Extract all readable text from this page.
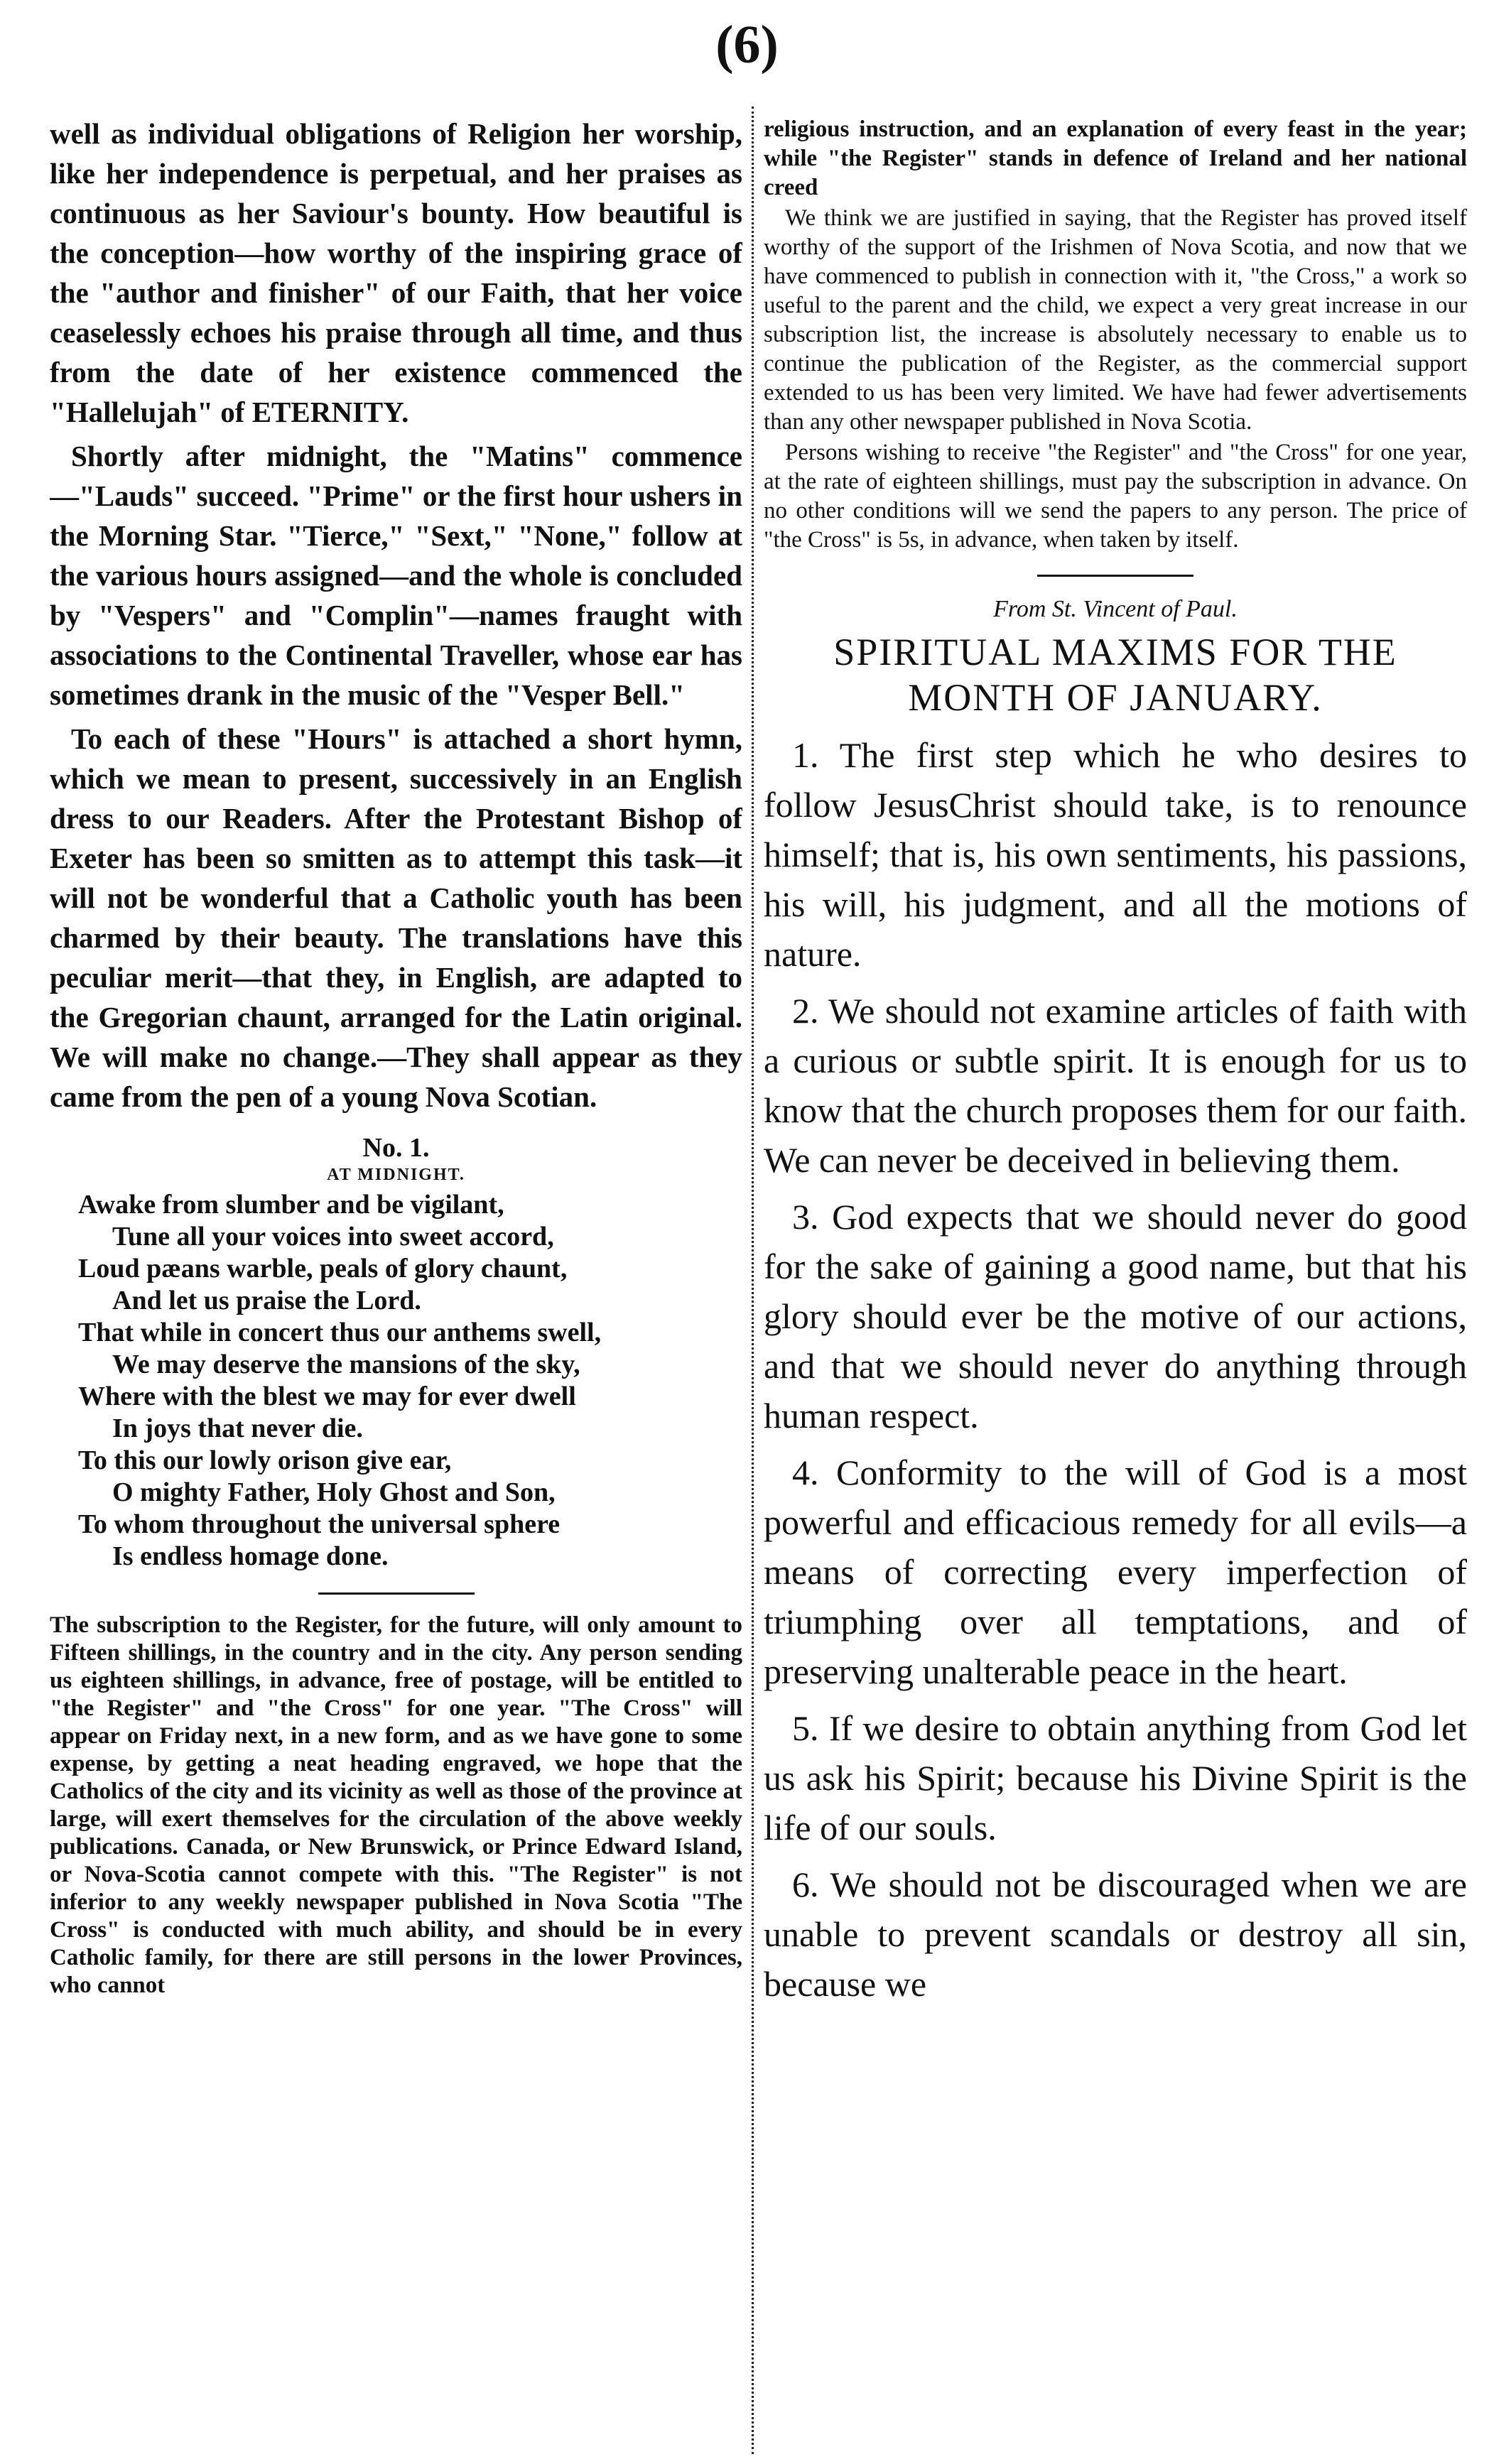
(6)

well as individual obligations of Religion her worship, like her independence is perpetual, and her praises as continuous as her Saviour's bounty. How beautiful is the conception—how worthy of the inspiring grace of the "author and finisher" of our Faith, that her voice ceaselessly echoes his praise through all time, and thus from the date of her existence commenced the "Hallelujah" of ETERNITY.

Shortly after midnight, the "Matins" commence—"Lauds" succeed. "Prime" or the first hour ushers in the Morning Star. "Tierce," "Sext," "None," follow at the various hours assigned—and the whole is concluded by "Vespers" and "Complin"—names fraught with associations to the Continental Traveller, whose ear has sometimes drank in the music of the "Vesper Bell."

To each of these "Hours" is attached a short hymn, which we mean to present, successively in an English dress to our Readers. After the Protestant Bishop of Exeter has been so smitten as to attempt this task—it will not be wonderful that a Catholic youth has been charmed by their beauty. The translations have this peculiar merit—that they, in English, are adapted to the Gregorian chaunt, arranged for the Latin original. We will make no change.—They shall appear as they came from the pen of a young Nova Scotian.

No. 1.
AT MIDNIGHT.
Awake from slumber and be vigilant,
Tune all your voices into sweet accord,
Loud pæans warble, peals of glory chaunt,
And let us praise the Lord.
That while in concert thus our anthems swell,
We may deserve the mansions of the sky,
Where with the blest we may for ever dwell
In joys that never die.
To this our lowly orison give ear,
O mighty Father, Holy Ghost and Son,
To whom throughout the universal sphere
Is endless homage done.

The subscription to the Register, for the future, will only amount to Fifteen shillings, in the country and in the city. Any person sending us eighteen shillings, in advance, free of postage, will be entitled to "the Register" and "the Cross" for one year. "The Cross" will appear on Friday next, in a new form, and as we have gone to some expense, by getting a neat heading engraved, we hope that the Catholics of the city and its vicinity as well as those of the province at large, will exert themselves for the circulation of the above weekly publications. Canada, or New Brunswick, or Prince Edward Island, or Nova-Scotia cannot compete with this. "The Register" is not inferior to any weekly newspaper published in Nova Scotia "The Cross" is conducted with much ability, and should be in every Catholic family, for there are still persons in the lower Provinces, who cannot

religious instruction, and an explanation of every feast in the year; while "the Register" stands in defence of Ireland and her national creed

We think we are justified in saying, that the Register has proved itself worthy of the support of the Irishmen of Nova Scotia, and now that we have commenced to publish in connection with it, "the Cross," a work so useful to the parent and the child, we expect a very great increase in our subscription list, the increase is absolutely necessary to enable us to continue the publication of the Register, as the commercial support extended to us has been very limited. We have had fewer advertisements than any other newspaper published in Nova Scotia.

Persons wishing to receive "the Register" and "the Cross" for one year, at the rate of eighteen shillings, must pay the subscription in advance. On no other conditions will we send the papers to any person. The price of "the Cross" is 5s, in advance, when taken by itself.

From St. Vincent of Paul.
SPIRITUAL MAXIMS FOR THE MONTH OF JANUARY.

1. The first step which he who desires to follow JesusChrist should take, is to renounce himself; that is, his own sentiments, his passions, his will, his judgment, and all the motions of nature.

2. We should not examine articles of faith with a curious or subtle spirit. It is enough for us to know that the church proposes them for our faith. We can never be deceived in believing them.

3. God expects that we should never do good for the sake of gaining a good name, but that his glory should ever be the motive of our actions, and that we should never do anything through human respect.

4. Conformity to the will of God is a most powerful and efficacious remedy for all evils—a means of correcting every imperfection of triumphing over all temptations, and of preserving unalterable peace in the heart.

5. If we desire to obtain anything from God let us ask his Spirit; because his Divine Spirit is the life of our souls.

6. We should not be discouraged when we are unable to prevent scandals or destroy all sin, because we
